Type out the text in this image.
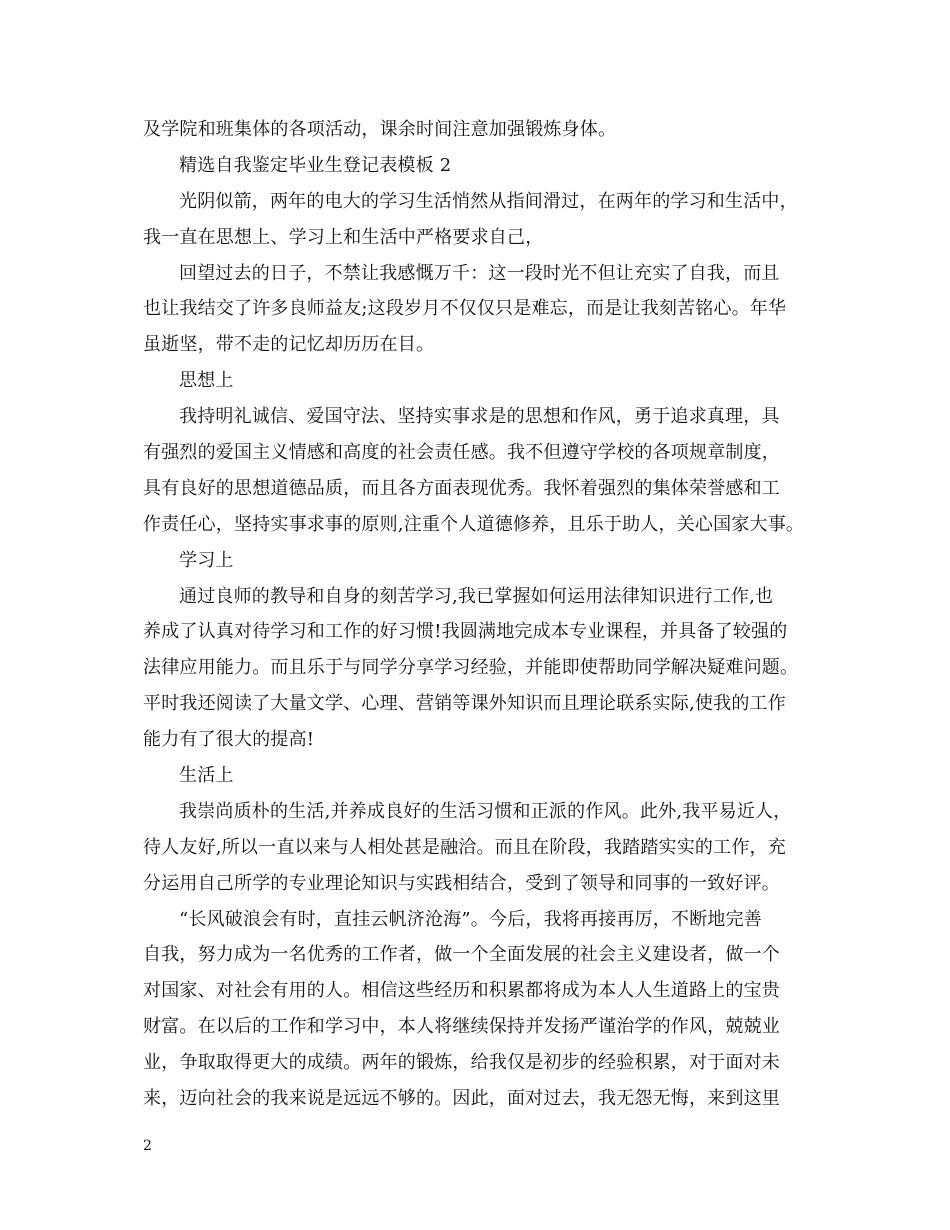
及学院和班集体的各项活动，课余时间注意加强锻炼身体。
精选自我鉴定毕业生登记表模板 2
光阴似箭，两年的电大的学习生活悄然从指间滑过，在两年的学习和生活中，
我一直在思想上、学习上和生活中严格要求自己，
回望过去的日子，不禁让我感慨万千：这一段时光不但让充实了自我，而且
也让我结交了许多良师益友;这段岁月不仅仅只是难忘，而是让我刻苦铭心。年华
虽逝坚，带不走的记忆却历历在目。
思想上
我持明礼诚信、爱国守法、坚持实事求是的思想和作风，勇于追求真理，具
有强烈的爱国主义情感和高度的社会责任感。我不但遵守学校的各项规章制度，
具有良好的思想道德品质，而且各方面表现优秀。我怀着强烈的集体荣誉感和工
作责任心，坚持实事求事的原则,注重个人道德修养，且乐于助人，关心国家大事。
学习上
通过良师的教导和自身的刻苦学习,我已掌握如何运用法律知识进行工作,也
养成了认真对待学习和工作的好习惯!我圆满地完成本专业课程，并具备了较强的
法律应用能力。而且乐于与同学分享学习经验，并能即使帮助同学解决疑难问题。
平时我还阅读了大量文学、心理、营销等课外知识而且理论联系实际,使我的工作
能力有了很大的提高!
生活上
我崇尚质朴的生活,并养成良好的生活习惯和正派的作风。此外,我平易近人，
待人友好,所以一直以来与人相处甚是融洽。而且在阶段，我踏踏实实的工作，充
分运用自己所学的专业理论知识与实践相结合，受到了领导和同事的一致好评。
“长风破浪会有时，直挂云帆济沧海”。今后，我将再接再厉，不断地完善
自我，努力成为一名优秀的工作者，做一个全面发展的社会主义建设者，做一个
对国家、对社会有用的人。相信这些经历和积累都将成为本人人生道路上的宝贵
财富。在以后的工作和学习中，本人将继续保持并发扬严谨治学的作风，兢兢业
业，争取取得更大的成绩。两年的锻炼，给我仅是初步的经验积累，对于面对未
来，迈向社会的我来说是远远不够的。因此，面对过去，我无怨无悔，来到这里
2
